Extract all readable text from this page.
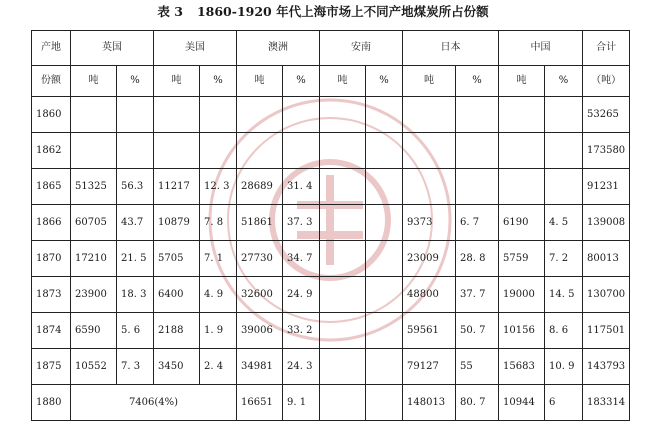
表 3 1860-1920 年代上海市场上不同产地煤炭所占份额
产地	英国		美国		澳洲		安南		日本		中国		合计
份额	吨	%	吨	%	吨	%	吨	%	吨	%	吨	%	（吨）
1860													53265
1862													173580
1865	51325	56.3	11217	12. 3	28689	31. 4							91231
1866	60705	43.7	10879	7. 8	51861	37. 3			9373	6. 7	6190	4. 5	139008
1870	17210	21. 5	5705	7. 1	27730	34. 7			23009	28. 8	5759	7. 2	80013
1873	23900	18. 3	6400	4. 9	32600	24. 9			48800	37. 7	19000	14. 5	130700
1874	6590	5. 6	2188	1. 9	39006	33. 2			59561	50. 7	10156	8. 6	117501
1875	10552	7. 3	3450	2. 4	34981	24. 3			79127	55	15683	10. 9	143793
1880	7406(4%)				16651	9. 1			148013	80. 7	10944	6	183314
